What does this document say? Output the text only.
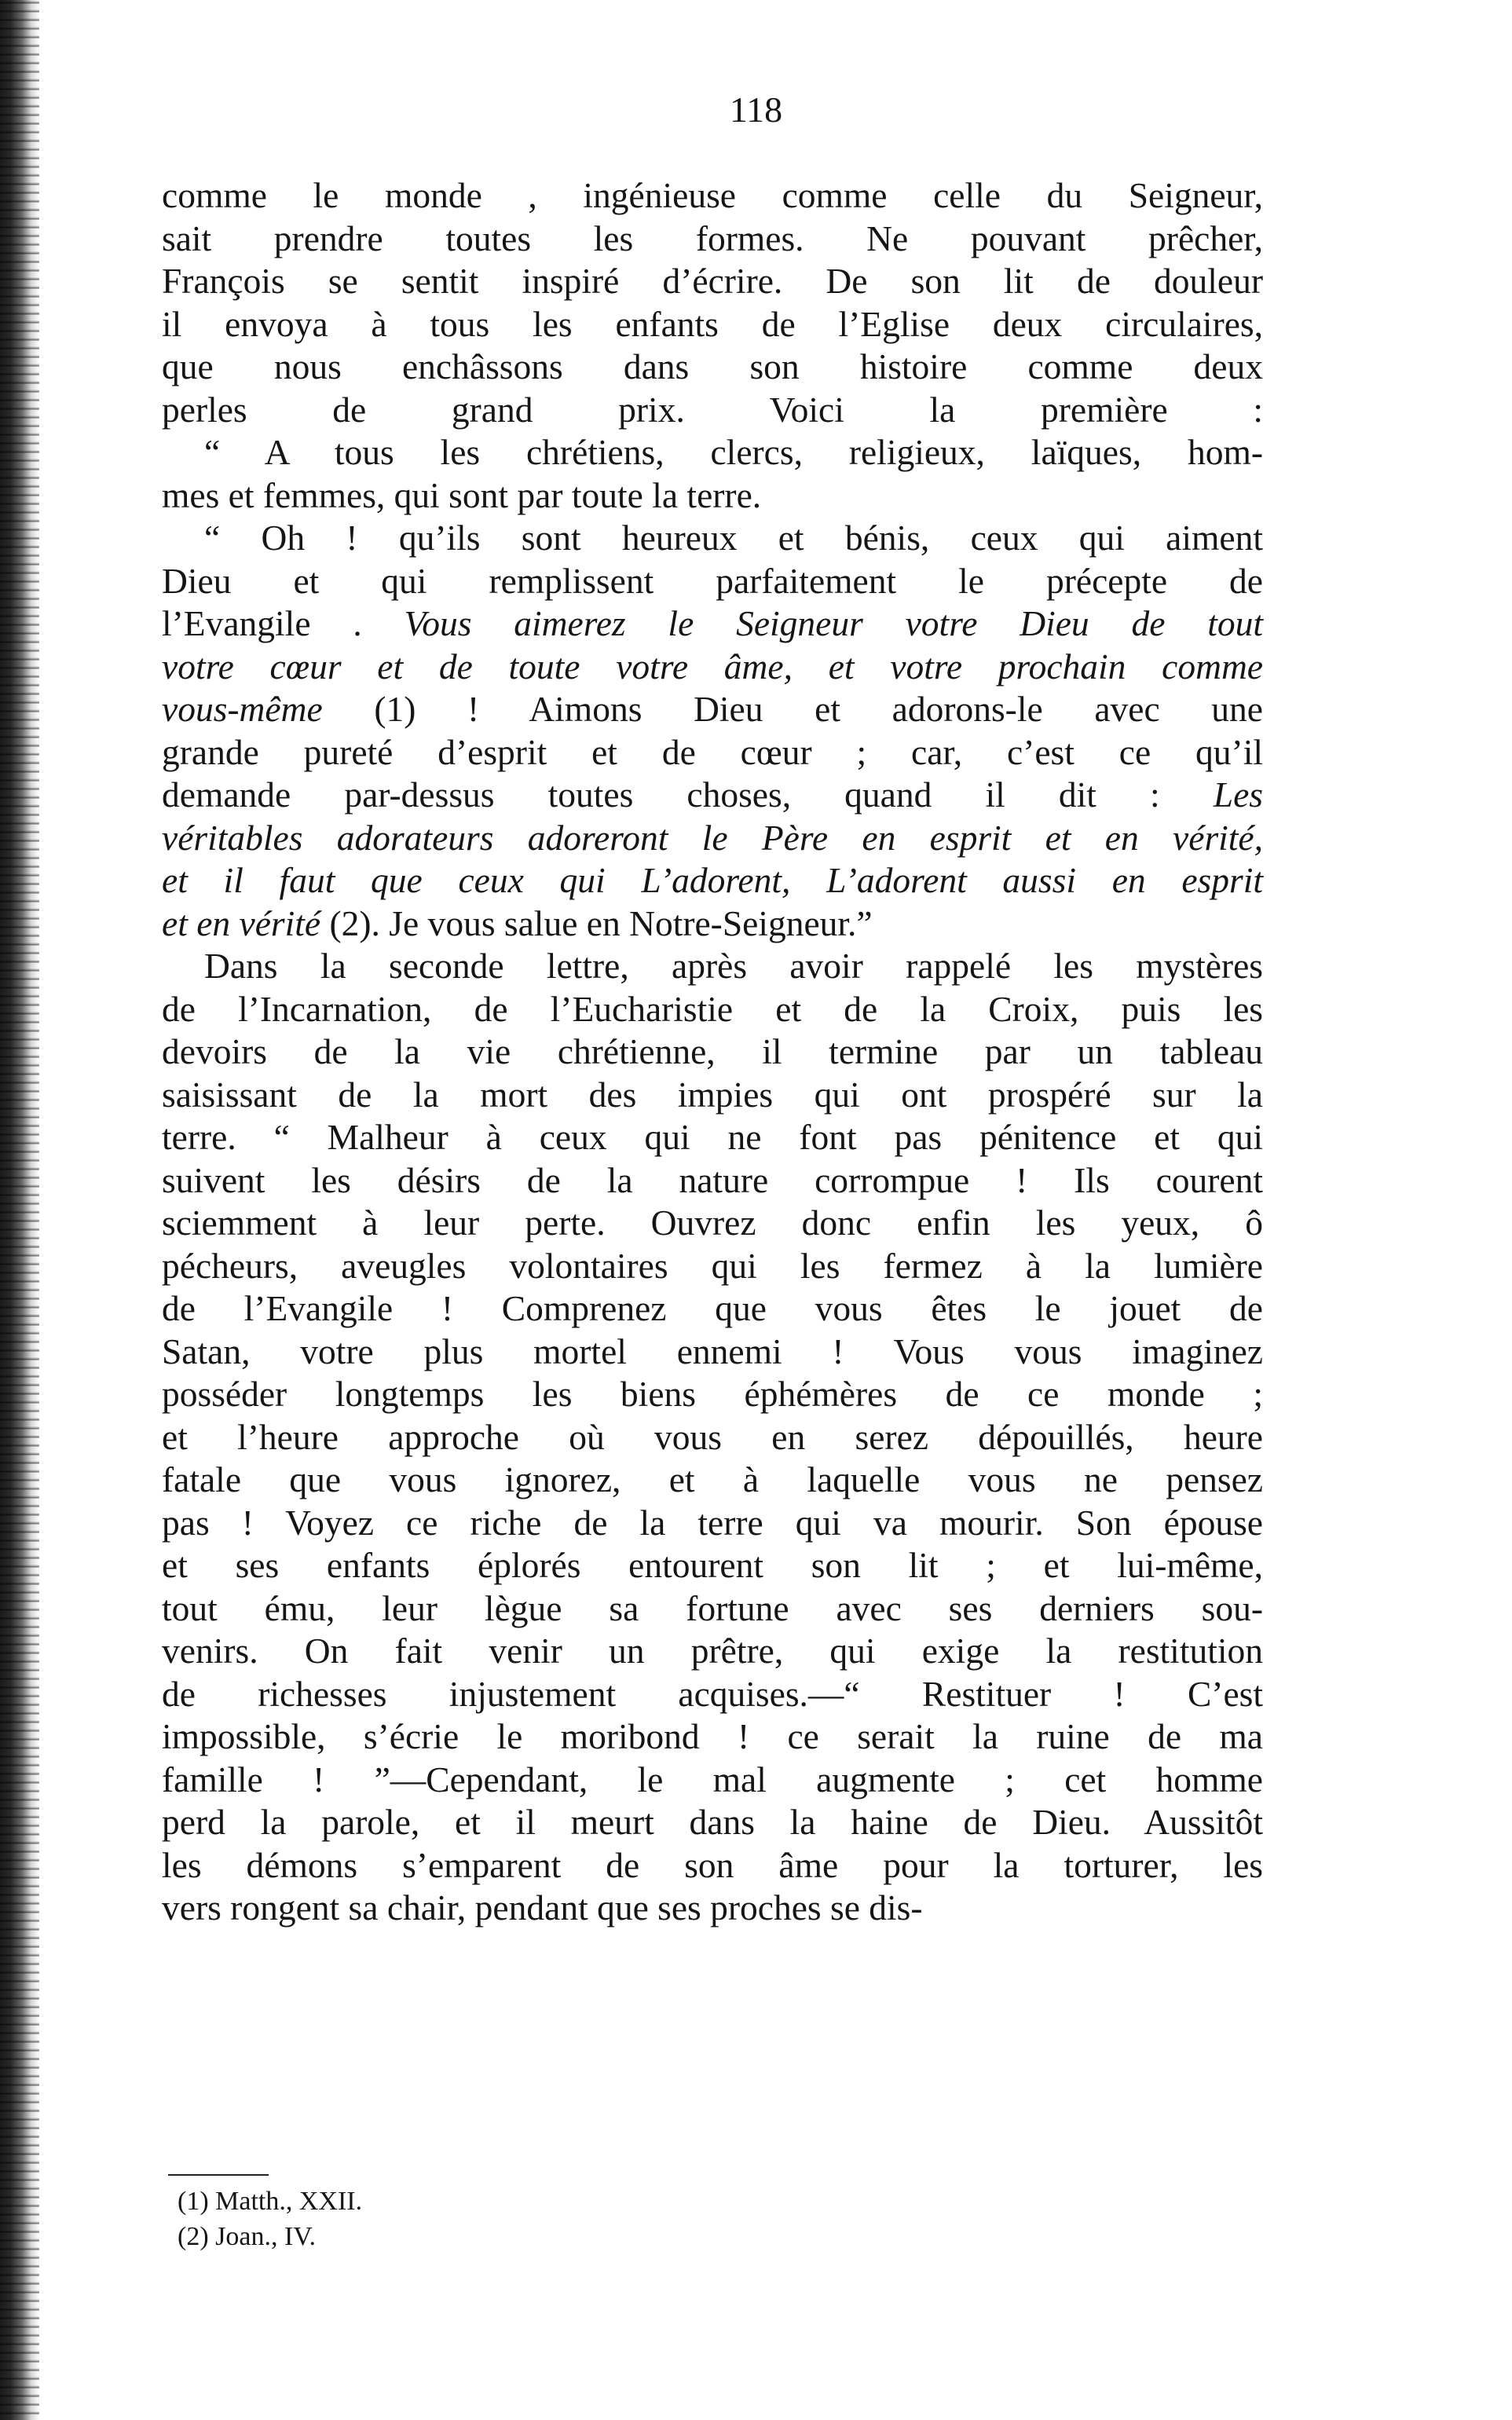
118
comme le monde , ingénieuse comme celle du Seigneur,
sait prendre toutes les formes. Ne pouvant prêcher,
François se sentit inspiré d’écrire. De son lit de douleur
il envoya à tous les enfants de l’Eglise deux circulaires,
que nous enchâssons dans son histoire comme deux
perles de grand prix. Voici la première :
“ A tous les chrétiens, clercs, religieux, laïques, hom-
mes et femmes, qui sont par toute la terre.
“ Oh ! qu’ils sont heureux et bénis, ceux qui aiment
Dieu et qui remplissent parfaitement le précepte de
l’Evangile . Vous aimerez le Seigneur votre Dieu de tout
votre cœur et de toute votre âme, et votre prochain comme
vous-même (1) ! Aimons Dieu et adorons-le avec une
grande pureté d’esprit et de cœur ; car, c’est ce qu’il
demande par-dessus toutes choses, quand il dit : Les
véritables adorateurs adoreront le Père en esprit et en vérité,
et il faut que ceux qui L’adorent, L’adorent aussi en esprit
et en vérité (2). Je vous salue en Notre-Seigneur.”
Dans la seconde lettre, après avoir rappelé les mystères
de l’Incarnation, de l’Eucharistie et de la Croix, puis les
devoirs de la vie chrétienne, il termine par un tableau
saisissant de la mort des impies qui ont prospéré sur la
terre. “ Malheur à ceux qui ne font pas pénitence et qui
suivent les désirs de la nature corrompue ! Ils courent
sciemment à leur perte. Ouvrez donc enfin les yeux, ô
pécheurs, aveugles volontaires qui les fermez à la lumière
de l’Evangile ! Comprenez que vous êtes le jouet de
Satan, votre plus mortel ennemi ! Vous vous imaginez
posséder longtemps les biens éphémères de ce monde ;
et l’heure approche où vous en serez dépouillés, heure
fatale que vous ignorez, et à laquelle vous ne pensez
pas ! Voyez ce riche de la terre qui va mourir. Son épouse
et ses enfants éplorés entourent son lit ; et lui-même,
tout ému, leur lègue sa fortune avec ses derniers sou-
venirs. On fait venir un prêtre, qui exige la restitution
de richesses injustement acquises.—“ Restituer ! C’est
impossible, s’écrie le moribond ! ce serait la ruine de ma
famille ! ”—Cependant, le mal augmente ; cet homme
perd la parole, et il meurt dans la haine de Dieu. Aussitôt
les démons s’emparent de son âme pour la torturer, les
vers rongent sa chair, pendant que ses proches se dis-
(1) Matth., XXII.
(2) Joan., IV.
